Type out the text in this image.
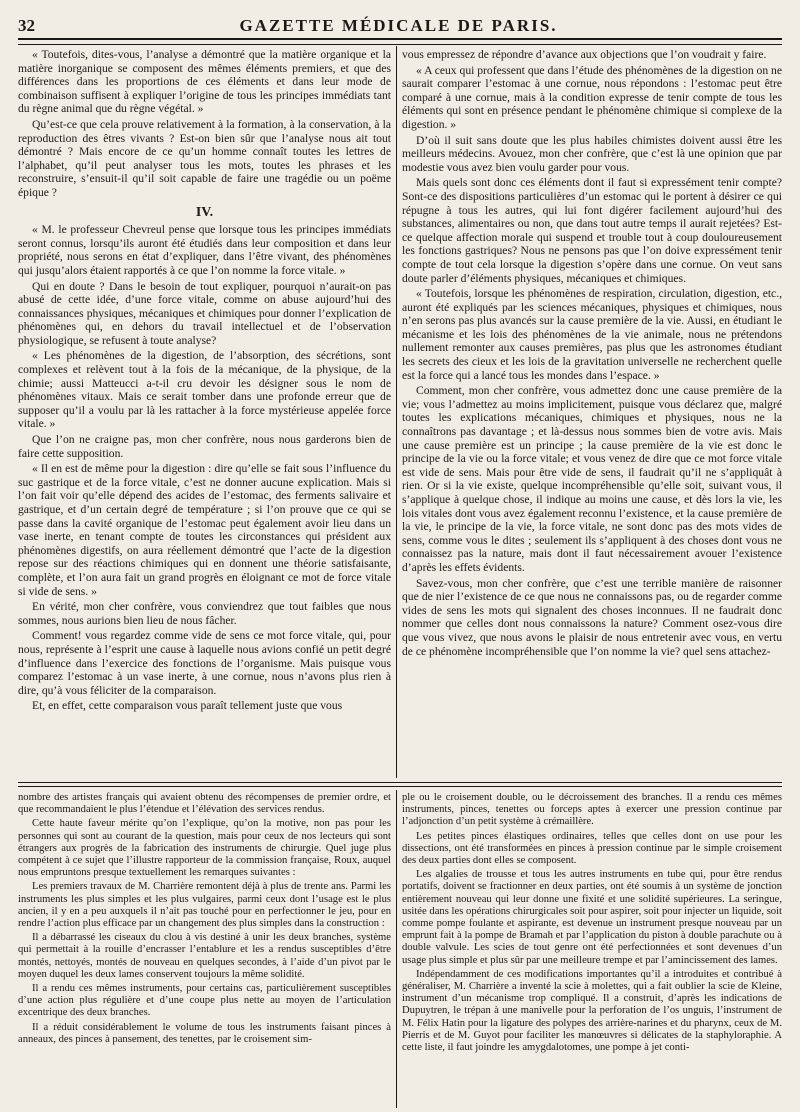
32	GAZETTE MÉDICALE DE PARIS.

« Toutefois, dites-vous, l’analyse a démontré que la matière organique et la matière inorganique se composent des mêmes éléments premiers, et que des différences dans les proportions de ces éléments et dans leur mode de combinaison suffisent à expliquer l’origine de tous les principes immédiats tant du règne animal que du règne végétal. »

Qu’est-ce que cela prouve relativement à la formation, à la conservation, à la reproduction des êtres vivants ? Est-on bien sûr que l’analyse nous ait tout démontré ? Mais encore de ce qu’un homme connaît toutes les lettres de l’alphabet, qu’il peut analyser tous les mots, toutes les phrases et les reconstruire, s’ensuit-il qu’il soit capable de faire une tragédie ou un poëme épique ?

IV.

« M. le professeur Chevreul pense que lorsque tous les principes immédiats seront connus, lorsqu’ils auront été étudiés dans leur composition et dans leur propriété, nous serons en état d’expliquer, dans l’être vivant, des phénomènes qui jusqu’alors étaient rapportés à ce que l’on nomme la force vitale. »

Qui en doute ? Dans le besoin de tout expliquer, pourquoi n’aurait-on pas abusé de cette idée, d’une force vitale, comme on abuse aujourd’hui des connaissances physiques, mécaniques et chimiques pour donner l’explication de phénomènes qui, en dehors du travail intellectuel et de l’observation physiologique, se refusent à toute analyse?

« Les phénomènes de la digestion, de l’absorption, des sécrétions, sont complexes et relèvent tout à la fois de la mécanique, de la physique, de la chimie; aussi Matteucci a-t-il cru devoir les désigner sous le nom de phénomènes vitaux. Mais ce serait tomber dans une profonde erreur que de supposer qu’il a voulu par là les rattacher à la force mystérieuse appelée force vitale. »

Que l’on ne craigne pas, mon cher confrère, nous nous garderons bien de faire cette supposition.

« Il en est de même pour la digestion : dire qu’elle se fait sous l’influence du suc gastrique et de la force vitale, c’est ne donner aucune explication. Mais si l’on fait voir qu’elle dépend des acides de l’estomac, des ferments salivaire et gastrique, et d’un certain degré de température ; si l’on prouve que ce qui se passe dans la cavité organique de l’estomac peut également avoir lieu dans un vase inerte, en tenant compte de toutes les circonstances qui président aux phénomènes digestifs, on aura réellement démontré que l’acte de la digestion repose sur des réactions chimiques qui en donnent une théorie satisfaisante, complète, et l’on aura fait un grand progrès en éloignant ce mot de force vitale si vide de sens. »

En vérité, mon cher confrère, vous conviendrez que tout faibles que nous sommes, nous aurions bien lieu de nous fâcher.

Comment! vous regardez comme vide de sens ce mot force vitale, qui, pour nous, représente à l’esprit une cause à laquelle nous avions confié un petit degré d’influence dans l’exercice des fonctions de l’organisme. Mais puisque vous comparez l’estomac à un vase inerte, à une cornue, nous n’avons plus rien à dire, qu’à vous féliciter de la comparaison.

Et, en effet, cette comparaison vous paraît tellement juste que vous

vous empressez de répondre d’avance aux objections que l’on voudrait y faire.

« A ceux qui professent que dans l’étude des phénomènes de la digestion on ne saurait comparer l’estomac à une cornue, nous répondons : l’estomac peut être comparé à une cornue, mais à la condition expresse de tenir compte de tous les éléments qui sont en présence pendant le phénomène chimique si complexe de la digestion. »

D’où il suit sans doute que les plus habiles chimistes doivent aussi être les meilleurs médecins. Avouez, mon cher confrère, que c’est là une opinion que par modestie vous avez bien voulu garder pour vous.

Mais quels sont donc ces éléments dont il faut si expressément tenir compte? Sont-ce des dispositions particulières d’un estomac qui le portent à désirer ce qui répugne à tous les autres, qui lui font digérer facilement aujourd’hui des substances, alimentaires ou non, que dans tout autre temps il aurait rejetées? Est-ce quelque affection morale qui suspend et trouble tout à coup douloureusement les fonctions gastriques? Nous ne pensons pas que l’on doive expressément tenir compte de tout cela lorsque la digestion s’opère dans une cornue. On veut sans doute parler d’éléments physiques, mécaniques et chimiques.

« Toutefois, lorsque les phénomènes de respiration, circulation, digestion, etc., auront été expliqués par les sciences mécaniques, physiques et chimiques, nous n’en serons pas plus avancés sur la cause première de la vie. Aussi, en étudiant le mécanisme et les lois des phénomènes de la vie animale, nous ne prétendons nullement remonter aux causes premières, pas plus que les astronomes étudiant les secrets des cieux et les lois de la gravitation universelle ne recherchent quelle est la force qui a lancé tous les mondes dans l’espace. »

Comment, mon cher confrère, vous admettez donc une cause première de la vie; vous l’admettez au moins implicitement, puisque vous déclarez que, malgré toutes les explications mécaniques, chimiques et physiques, nous ne la connaîtrons pas davantage ; et là-dessus nous sommes bien de votre avis. Mais une cause première est un principe ; la cause première de la vie est donc le principe de la vie ou la force vitale; et vous venez de dire que ce mot force vitale est vide de sens. Mais pour être vide de sens, il faudrait qu’il ne s’appliquât à rien. Or si la vie existe, quelque incompréhensible qu’elle soit, suivant vous, il s’applique à quelque chose, il indique au moins une cause, et dès lors la vie, les lois vitales dont vous avez également reconnu l’existence, et la cause première de la vie, le principe de la vie, la force vitale, ne sont donc pas des mots vides de sens, comme vous le dites ; seulement ils s’appliquent à des choses dont vous ne connaissez pas la nature, mais dont il faut nécessairement avouer l’existence d’après les effets évidents.

Savez-vous, mon cher confrère, que c’est une terrible manière de raisonner que de nier l’existence de ce que nous ne connaissons pas, ou de regarder comme vides de sens les mots qui signalent des choses inconnues. Il ne faudrait donc nommer que celles dont nous connaissons la nature? Comment osez-vous dire que vous vivez, que nous avons le plaisir de nous entretenir avec vous, en vertu de ce phénomène incompréhensible que l’on nomme la vie? quel sens attachez-

nombre des artistes français qui avaient obtenu des récompenses de premier ordre, et que recommandaient le plus l’étendue et l’élévation des services rendus.

Cette haute faveur mérite qu’on l’explique, qu’on la motive, non pas pour les personnes qui sont au courant de la question, mais pour ceux de nos lecteurs qui sont étrangers aux progrès de la fabrication des instruments de chirurgie. Quel juge plus compétent à ce sujet que l’illustre rapporteur de la commission française, Roux, auquel nous empruntons presque textuellement les remarques suivantes :

Les premiers travaux de M. Charrière remontent déjà à plus de trente ans. Parmi les instruments les plus simples et les plus vulgaires, parmi ceux dont l’usage est le plus ancien, il y en a peu auxquels il n’ait pas touché pour en perfectionner le jeu, pour en rendre l’action plus efficace par un changement des plus simples dans la construction :

Il a débarrassé les ciseaux du clou à vis destiné à unir les deux branches, système qui permettait à la rouille d’encrasser l’entablure et les a rendus susceptibles d’être montés, nettoyés, montés de nouveau en quelques secondes, à l’aide d’un pivot par le moyen duquel les deux lames conservent toujours la même solidité.

Il a rendu ces mêmes instruments, pour certains cas, particulièrement susceptibles d’une action plus régulière et d’une coupe plus nette au moyen de l’articulation excentrique des deux branches.

Il a réduit considérablement le volume de tous les instruments faisant pinces à anneaux, des pinces à pansement, des tenettes, par le croisement sim-

ple ou le croisement double, ou le décroissement des branches. Il a rendu ces mêmes instruments, pinces, tenettes ou forceps aptes à exercer une pression continue par l’adjonction d’un petit système à crémaillère.

Les petites pinces élastiques ordinaires, telles que celles dont on use pour les dissections, ont été transformées en pinces à pression continue par le simple croisement des deux parties dont elles se composent.

Les algalies de trousse et tous les autres instruments en tube qui, pour être rendus portatifs, doivent se fractionner en deux parties, ont été soumis à un système de jonction entièrement nouveau qui leur donne une fixité et une solidité supérieures. La seringue, usitée dans les opérations chirurgicales soit pour aspirer, soit pour injecter un liquide, soit comme pompe foulante et aspirante, est devenue un instrument presque nouveau par un emprunt fait à la pompe de Bramah et par l’application du piston à double parachute ou à double valvule. Les scies de tout genre ont été perfectionnées et sont devenues d’un usage plus simple et plus sûr par une meilleure trempe et par l’amincissement des lames.

Indépendamment de ces modifications importantes qu’il a introduites et contribué à généraliser, M. Charrière a inventé la scie à molettes, qui a fait oublier la scie de Kleine, instrument d’un mécanisme trop compliqué. Il a construit, d’après les indications de Dupuytren, le trépan à une manivelle pour la perforation de l’os unguis, l’instrument de M. Félix Hatin pour la ligature des polypes des arrière-narines et du pharynx, ceux de M. Pierris et de M. Guyot pour faciliter les manœuvres si délicates de la staphyloraphie. A cette liste, il faut joindre les amygdalotomes, une pompe à jet conti-
